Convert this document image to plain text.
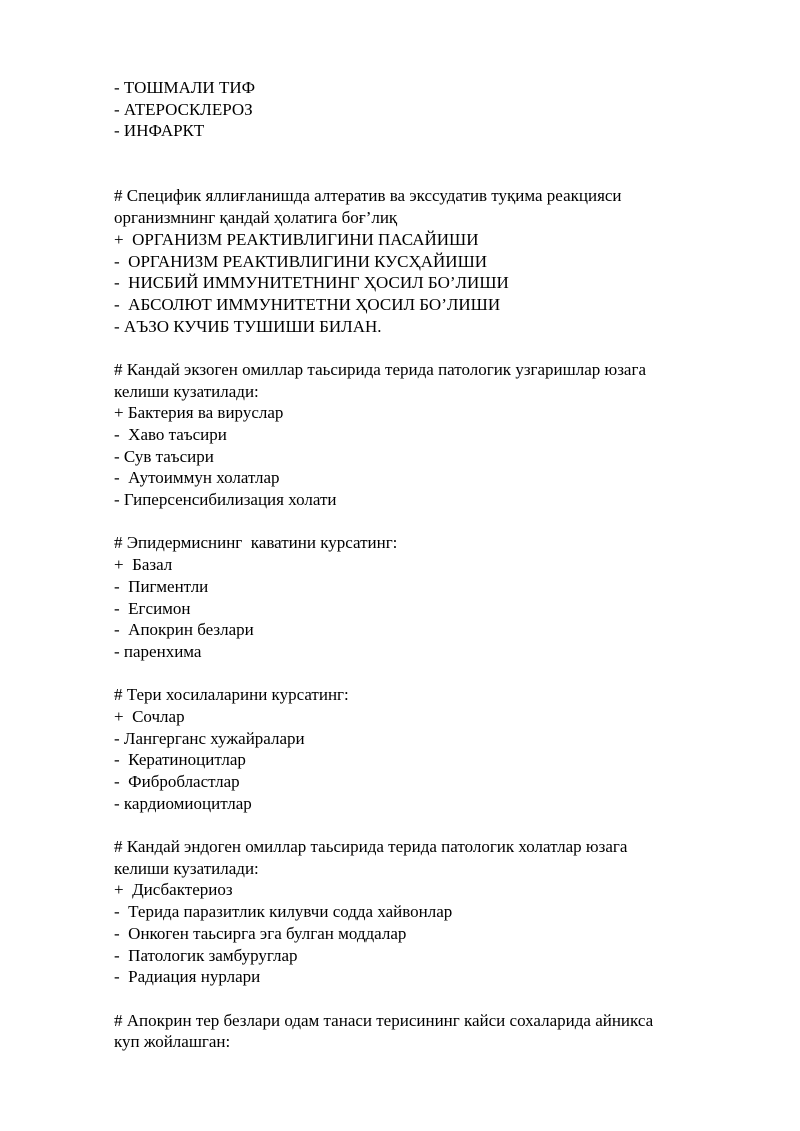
- ТОШМАЛИ ТИФ
- АТЕРОСКЛЕРОЗ
- ИНФАРКТ
# Специфик яллиғланишда алтератив ва экссудатив туқима реакцияси
организмнинг қандай ҳолатига боғ’лиқ
+  ОРГАНИЗМ РЕАКТИВЛИГИНИ ПАСАЙИШИ
-  ОРГАНИЗМ РЕАКТИВЛИГИНИ КУСҲАЙИШИ
-  НИСБИЙ ИММУНИТЕТНИНГ ҲОСИЛ БО’ЛИШИ
-  АБСОЛЮТ ИММУНИТЕТНИ ҲОСИЛ БО’ЛИШИ
- АЪЗО КУЧИБ ТУШИШИ БИЛАН.
# Кандай экзоген омиллар таьсирида терида патологик узгаришлар юзага
келиши кузатилади:
+ Бактерия ва вируслар
-  Хаво таъсири
- Сув таъсири
-  Аутоиммун холатлар
- Гиперсенсибилизация холати
# Эпидермиснинг  каватини курсатинг:
+  Базал
-  Пигментли
-  Егсимон
-  Апокрин безлари
- паренхима
# Тери хосилаларини курсатинг:
+  Сочлар
- Лангерганс хужайралари
-  Кератиноцитлар
-  Фибробластлар
- кардиомиоцитлар
# Кандай эндоген омиллар таьсирида терида патологик холатлар юзага
келиши кузатилади:
+  Дисбактериоз
-  Терида паразитлик килувчи содда хайвонлар
-  Онкоген таьсирга эга булган моддалар
-  Патологик замбуруглар
-  Радиация нурлари
# Апокрин тер безлари одам танаси терисининг кайси сохаларида айникса
куп жойлашган:
